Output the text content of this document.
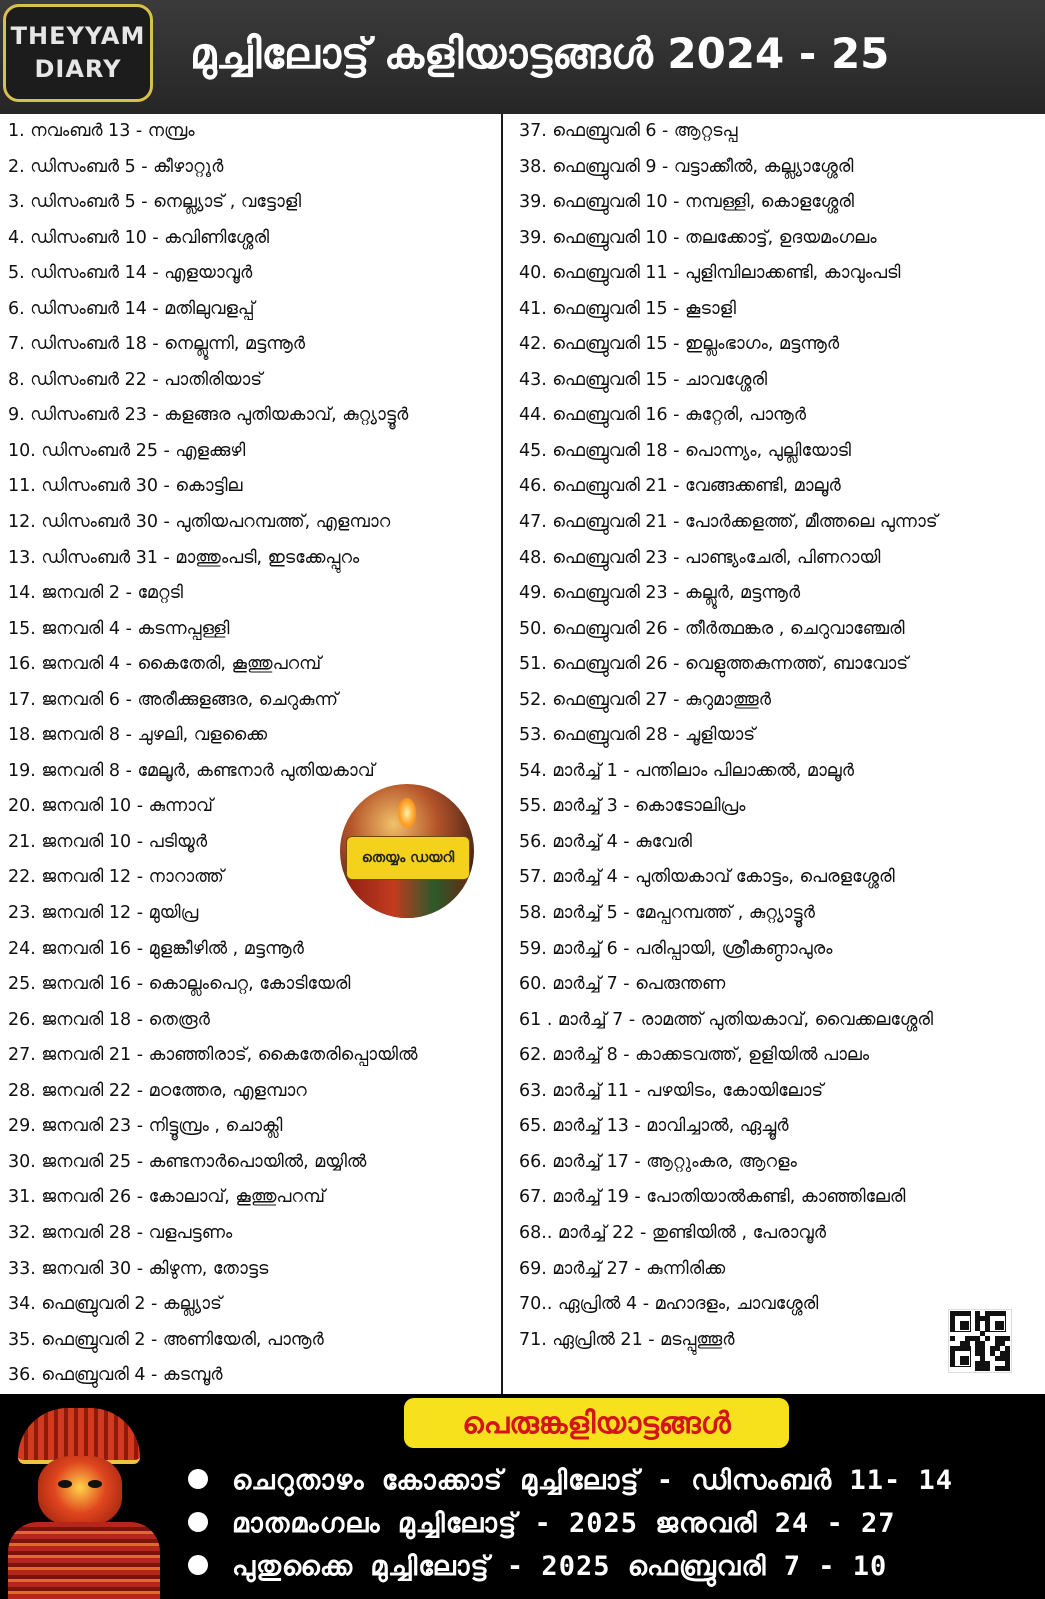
THEYYAM
DIARY മുച്ചിലോട്ട് കളിയാട്ടങ്ങൾ 2024 - 25
1. നവംബർ 13 - നമ്പ്രം
2. ഡിസംബർ 5 - കീഴാറ്റൂർ
3. ഡിസംബർ 5 - നെല്ല്യാട് , വട്ടോളി
4. ഡിസംബർ 10 - കവിണിശ്ശേരി
5. ഡിസംബർ 14 - എളയാവൂർ
6. ഡിസംബർ 14 - മതിലുവളപ്പ്
7. ഡിസംബർ 18 - നെല്ലൂന്നി, മട്ടന്നൂർ
8. ഡിസംബർ 22 - പാതിരിയാട്
9. ഡിസംബർ 23 - കളങ്ങര പുതിയകാവ്, കുറ്റ്യാട്ടൂർ
10. ഡിസംബർ 25 - എളക്കുഴി
11. ഡിസംബർ 30 - കൊട്ടില
12. ഡിസംബർ 30 - പുതിയപറമ്പത്ത്, എളമ്പാറ
13. ഡിസംബർ 31 - മാത്തുംപടി, ഇടക്കേപ്പുറം
14. ജനവരി 2 - മേറ്റടി
15. ജനവരി 4 - കടന്നപ്പള്ളി
16. ജനവരി 4 - കൈതേരി, കൂത്തുപറമ്പ്
17. ജനവരി 6 - അരീക്കുളങ്ങര, ചെറുകുന്ന്
18. ജനവരി 8 - ചുഴലി, വളക്കൈ
19. ജനവരി 8 - മേലൂർ, കണ്ടനാർ പുതിയകാവ്
20. ജനവരി 10 - കുന്നാവ്
21. ജനവരി 10 - പടിയൂർ
22. ജനവരി 12 - നാറാത്ത്
23. ജനവരി 12 - മുയിപ്ര
24. ജനവരി 16 - മുളങ്കീഴിൽ , മട്ടന്നൂർ
25. ജനവരി 16 - കൊല്ലംപെറ്റ, കോടിയേരി
26. ജനവരി 18 - തെരൂർ
27. ജനവരി 21 - കാഞ്ഞിരാട്, കൈതേരിപ്പൊയിൽ
28. ജനവരി 22 - മഠത്തേര, എളമ്പാറ
29. ജനവരി 23 - നിട്ടൂമ്പ്രം , ചൊക്ലി
30. ജനവരി 25 - കണ്ടനാർപൊയിൽ, മയ്യിൽ
31. ജനവരി 26 - കോലാവ്, കൂത്തുപറമ്പ്
32. ജനവരി 28 - വളപട്ടണം
33. ജനവരി 30 - കിഴുന്ന, തോട്ടട
34. ഫെബ്രുവരി 2 - കല്ല്യാട്
35. ഫെബ്രുവരി 2 - അണിയേരി, പാനൂർ
36. ഫെബ്രുവരി 4 - കടമ്പൂർ
37. ഫെബ്രുവരി 6 - ആറ്റടപ്പ
38. ഫെബ്രുവരി 9 - വട്ടാക്കീൽ, കല്ല്യാശ്ശേരി
39. ഫെബ്രുവരി 10 - നമ്പള്ളി, കൊളശ്ശേരി
39. ഫെബ്രുവരി 10 - തലക്കോട്ട്, ഉദയമംഗലം
40. ഫെബ്രുവരി 11 - പുളിമ്പിലാക്കണ്ടി, കാവുംപടി
41. ഫെബ്രുവരി 15 - കൂടാളി
42. ഫെബ്രുവരി 15 - ഇല്ലംഭാഗം, മട്ടന്നൂർ
43. ഫെബ്രുവരി 15 - ചാവശ്ശേരി
44. ഫെബ്രുവരി 16 - കുറ്റേരി, പാനൂർ
45. ഫെബ്രുവരി 18 - പൊന്ന്യം, പുല്ലിയോടി
46. ഫെബ്രുവരി 21 - വേങ്ങക്കണ്ടി, മാലൂർ
47. ഫെബ്രുവരി 21 - പോർക്കളത്ത്, മീത്തലെ പുന്നാട്
48. ഫെബ്രുവരി 23 - പാണ്ട്യംചേരി, പിണറായി
49. ഫെബ്രുവരി 23 - കല്ലൂർ, മട്ടന്നൂർ
50. ഫെബ്രുവരി 26 - തീർത്ഥങ്കര , ചെറുവാഞ്ചേരി
51. ഫെബ്രുവരി 26 - വെളുത്തകുന്നത്ത്, ബാവോട്
52. ഫെബ്രുവരി 27 - കുറുമാത്തൂർ
53. ഫെബ്രുവരി 28 - ചൂളിയാട്
54. മാർച്ച് 1 - പന്തിലാം പിലാക്കൽ, മാലൂർ
55. മാർച്ച് 3 - കൊടോലിപ്രം
56. മാർച്ച് 4 - കുവേരി
57. മാർച്ച് 4 - പുതിയകാവ് കോട്ടം, പെരളശ്ശേരി
58. മാർച്ച് 5 - മേപ്പറമ്പത്ത് , കുറ്റ്യാട്ടൂർ
59. മാർച്ച് 6 - പരിപ്പായി, ശ്രീകണ്ഠാപുരം
60. മാർച്ച് 7 - പെരുന്തണ
61 . മാർച്ച് 7 - രാമത്ത് പുതിയകാവ്, വൈക്കലശ്ശേരി
62. മാർച്ച് 8 - കാക്കടവത്ത്, ഉളിയിൽ പാലം
63. മാർച്ച് 11 - പഴയിടം, കോയിലോട്
65. മാർച്ച് 13 - മാവിച്ചാൽ, ഏച്ചൂർ
66. മാർച്ച് 17 - ആറ്റുംകര, ആറളം
67. മാർച്ച് 19 - പോതിയാൽകണ്ടി, കാഞ്ഞിലേരി
68.. മാർച്ച് 22 - തുണ്ടിയിൽ , പേരാവൂർ
69. മാർച്ച് 27 - കുന്നിരിക്ക
70.. ഏപ്രിൽ 4 - മഹാദളം, ചാവശ്ശേരി
71. ഏപ്രിൽ 21 - മടപ്പുത്തൂർ
തെയ്യം ഡയറി
പെരുങ്കളിയാട്ടങ്ങൾ
ചെറുതാഴം കോക്കാട് മുച്ചിലോട്ട് - ഡിസംബർ 11- 14
മാതമംഗലം മുച്ചിലോട്ട് - 2025 ജനുവരി 24 - 27
പുതുക്കൈ മുച്ചിലോട്ട് - 2025 ഫെബ്രുവരി 7 - 10
